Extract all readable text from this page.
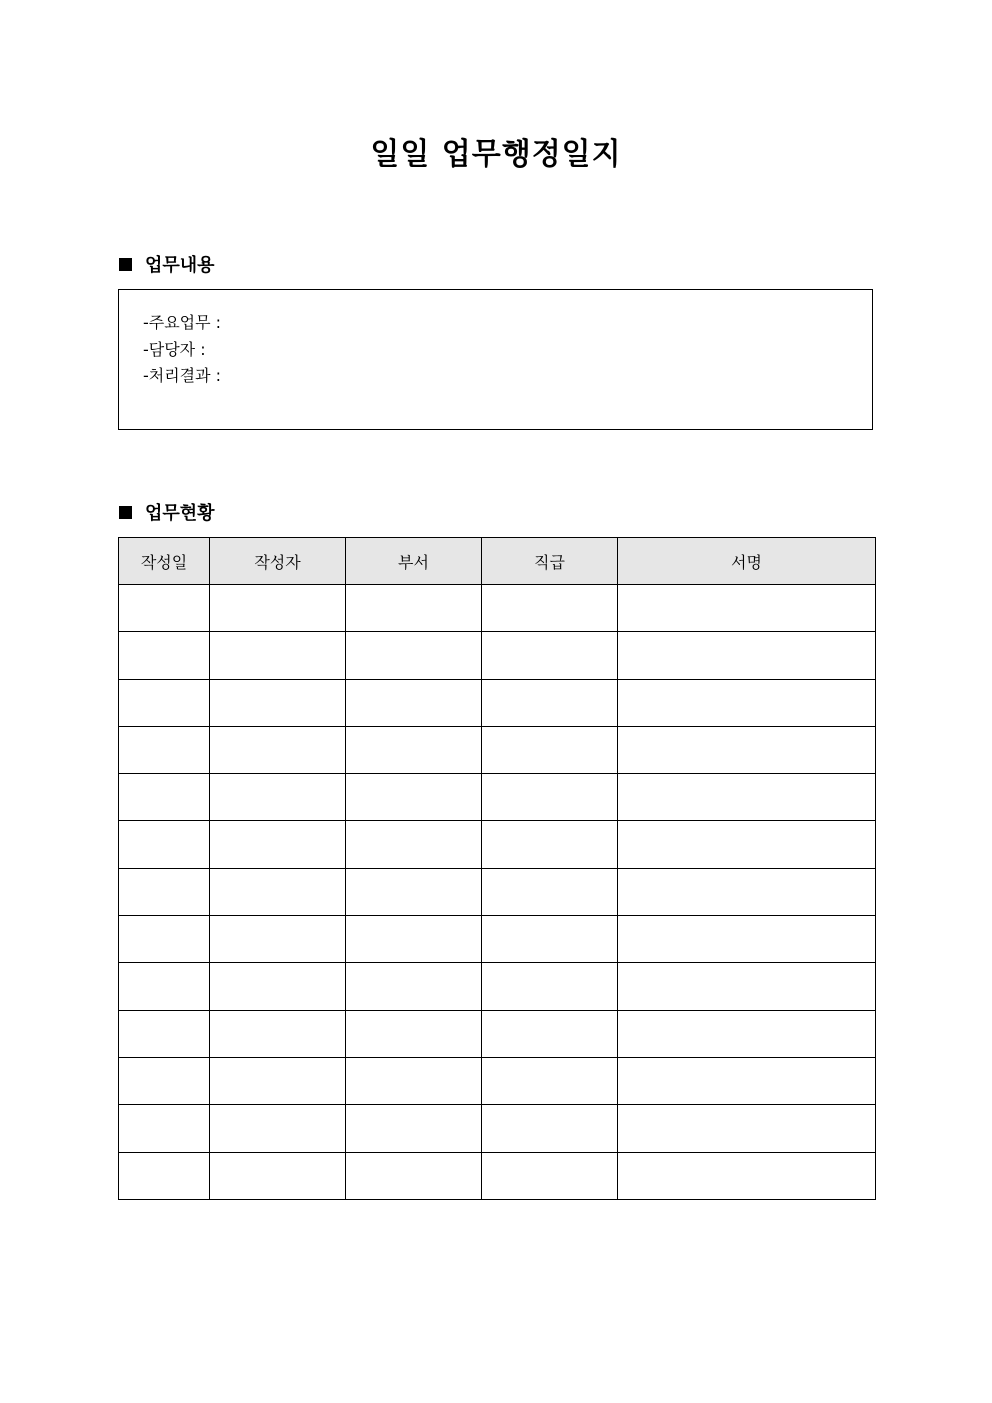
일일 업무행정일지
업무내용
-주요업무 :
-담당자 :
-처리결과 :
업무현황
작성일	작성자	부서	직급	서명
